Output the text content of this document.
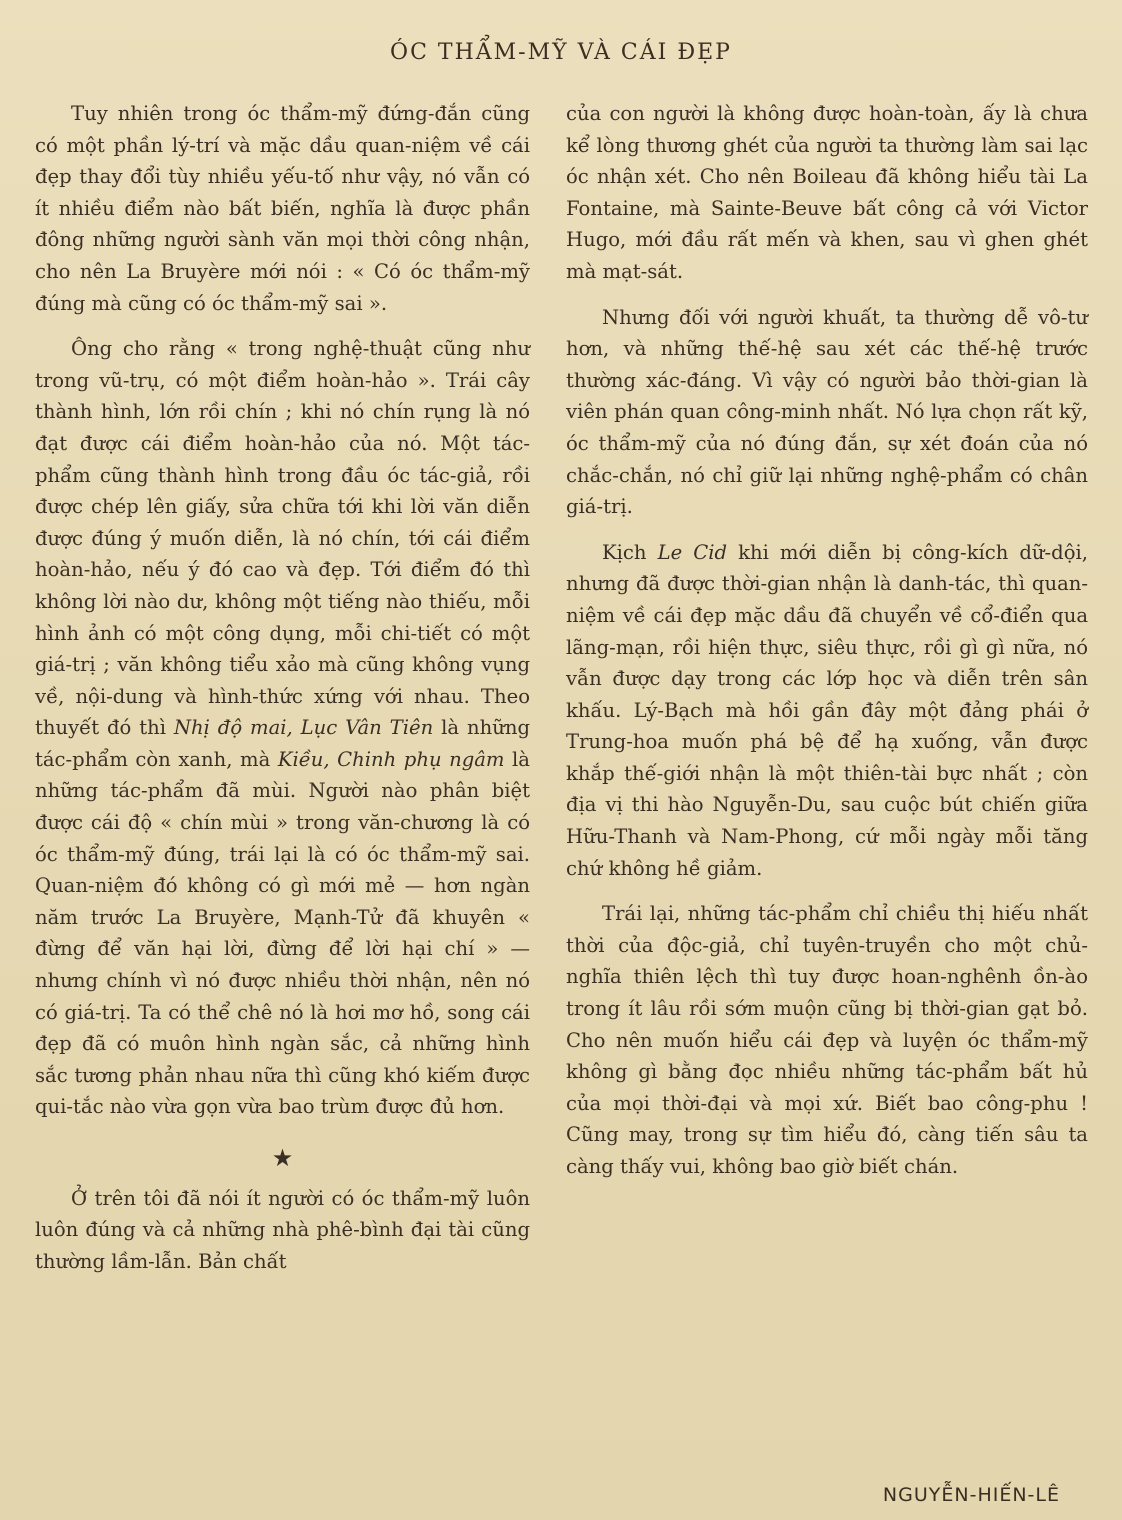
ÓC THẨM-MỸ VÀ CÁI ĐẸP

Tuy nhiên trong óc thẩm-mỹ đứng-đắn cũng có một phần lý-trí và mặc dầu quan-niệm về cái đẹp thay đổi tùy nhiều yếu-tố như vậy, nó vẫn có ít nhiều điểm nào bất biến, nghĩa là được phần đông những người sành văn mọi thời công nhận, cho nên La Bruyère mới nói : « Có óc thẩm-mỹ đúng mà cũng có óc thẩm-mỹ sai ».

Ông cho rằng « trong nghệ-thuật cũng như trong vũ-trụ, có một điểm hoàn-hảo ». Trái cây thành hình, lớn rồi chín ; khi nó chín rụng là nó đạt được cái điểm hoàn-hảo của nó. Một tác-phẩm cũng thành hình trong đầu óc tác-giả, rồi được chép lên giấy, sửa chữa tới khi lời văn diễn được đúng ý muốn diễn, là nó chín, tới cái điểm hoàn-hảo, nếu ý đó cao và đẹp. Tới điểm đó thì không lời nào dư, không một tiếng nào thiếu, mỗi hình ảnh có một công dụng, mỗi chi-tiết có một giá-trị ; văn không tiểu xảo mà cũng không vụng về, nội-dung và hình-thức xứng với nhau. Theo thuyết đó thì Nhị độ mai, Lục Vân Tiên là những tác-phẩm còn xanh, mà Kiều, Chinh phụ ngâm là những tác-phẩm đã mùi. Người nào phân biệt được cái độ « chín mùi » trong văn-chương là có óc thẩm-mỹ đúng, trái lại là có óc thẩm-mỹ sai. Quan-niệm đó không có gì mới mẻ — hơn ngàn năm trước La Bruyère, Mạnh-Tử đã khuyên « đừng để văn hại lời, đừng để lời hại chí » — nhưng chính vì nó được nhiều thời nhận, nên nó có giá-trị. Ta có thể chê nó là hơi mơ hồ, song cái đẹp đã có muôn hình ngàn sắc, cả những hình sắc tương phản nhau nữa thì cũng khó kiếm được qui-tắc nào vừa gọn vừa bao trùm được đủ hơn.

★

Ở trên tôi đã nói ít người có óc thẩm-mỹ luôn luôn đúng và cả những nhà phê-bình đại tài cũng thường lầm-lẫn. Bản chất

của con người là không được hoàn-toàn, ấy là chưa kể lòng thương ghét của người ta thường làm sai lạc óc nhận xét. Cho nên Boileau đã không hiểu tài La Fontaine, mà Sainte-Beuve bất công cả với Victor Hugo, mới đầu rất mến và khen, sau vì ghen ghét mà mạt-sát.

Nhưng đối với người khuất, ta thường dễ vô-tư hơn, và những thế-hệ sau xét các thế-hệ trước thường xác-đáng. Vì vậy có người bảo thời-gian là viên phán quan công-minh nhất. Nó lựa chọn rất kỹ, óc thẩm-mỹ của nó đúng đắn, sự xét đoán của nó chắc-chắn, nó chỉ giữ lại những nghệ-phẩm có chân giá-trị.

Kịch Le Cid khi mới diễn bị công-kích dữ-dội, nhưng đã được thời-gian nhận là danh-tác, thì quan-niệm về cái đẹp mặc dầu đã chuyển về cổ-điển qua lãng-mạn, rồi hiện thực, siêu thực, rồi gì gì nữa, nó vẫn được dạy trong các lớp học và diễn trên sân khấu. Lý-Bạch mà hồi gần đây một đảng phái ở Trung-hoa muốn phá bệ để hạ xuống, vẫn được khắp thế-giới nhận là một thiên-tài bực nhất ; còn địa vị thi hào Nguyễn-Du, sau cuộc bút chiến giữa Hữu-Thanh và Nam-Phong, cứ mỗi ngày mỗi tăng chứ không hề giảm.

Trái lại, những tác-phẩm chỉ chiều thị hiếu nhất thời của độc-giả, chỉ tuyên-truyền cho một chủ-nghĩa thiên lệch thì tuy được hoan-nghênh ồn-ào trong ít lâu rồi sớm muộn cũng bị thời-gian gạt bỏ. Cho nên muốn hiểu cái đẹp và luyện óc thẩm-mỹ không gì bằng đọc nhiều những tác-phẩm bất hủ của mọi thời-đại và mọi xứ. Biết bao công-phu ! Cũng may, trong sự tìm hiểu đó, càng tiến sâu ta càng thấy vui, không bao giờ biết chán.

NGUYỄN-HIẾN-LÊ
